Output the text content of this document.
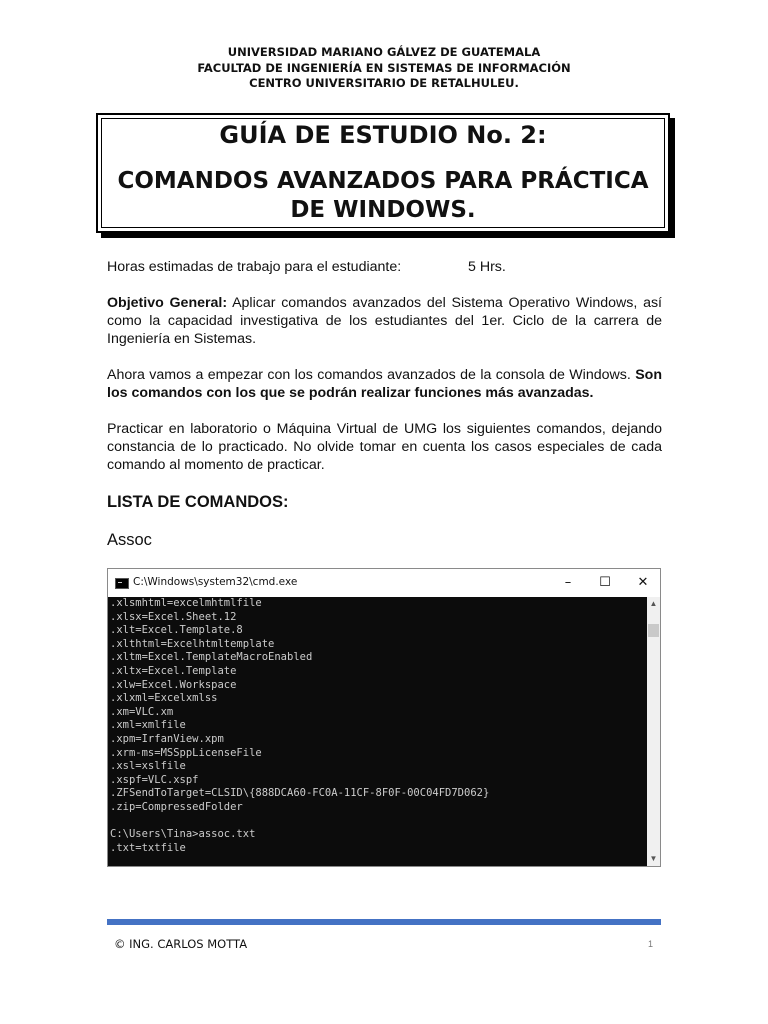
UNIVERSIDAD MARIANO GÁLVEZ DE GUATEMALA
FACULTAD DE INGENIERÍA EN SISTEMAS DE INFORMACIÓN
CENTRO UNIVERSITARIO DE RETALHULEU.
GUÍA DE ESTUDIO No. 2:
COMANDOS AVANZADOS PARA PRÁCTICA DE WINDOWS.
Horas estimadas de trabajo para el estudiante:	5 Hrs.
Objetivo General: Aplicar comandos avanzados del Sistema Operativo Windows, así como la capacidad investigativa de los estudiantes del 1er. Ciclo de la carrera de Ingeniería en Sistemas.
Ahora vamos a empezar con los comandos avanzados de la consola de Windows. Son los comandos con los que se podrán realizar funciones más avanzadas.
Practicar en laboratorio o Máquina Virtual de UMG los siguientes comandos, dejando constancia de lo practicado. No olvide tomar en cuenta los casos especiales de cada comando al momento de practicar.
LISTA DE COMANDOS:
Assoc
C:\Windows\system32\cmd.exe	–	☐	✕
.xlsmhtml=excelmhtmlfile
.xlsx=Excel.Sheet.12
.xlt=Excel.Template.8
.xlthtml=Excelhtmltemplate
.xltm=Excel.TemplateMacroEnabled
.xltx=Excel.Template
.xlw=Excel.Workspace
.xlxml=Excelxmlss
.xm=VLC.xm
.xml=xmlfile
.xpm=IrfanView.xpm
.xrm-ms=MSSppLicenseFile
.xsl=xslfile
.xspf=VLC.xspf
.ZFSendToTarget=CLSID\{888DCA60-FC0A-11CF-8F0F-00C04FD7D062}
.zip=CompressedFolder
C:\Users\Tina>assoc.txt
.txt=txtfile
▲
▼
© ING. CARLOS MOTTA	1
